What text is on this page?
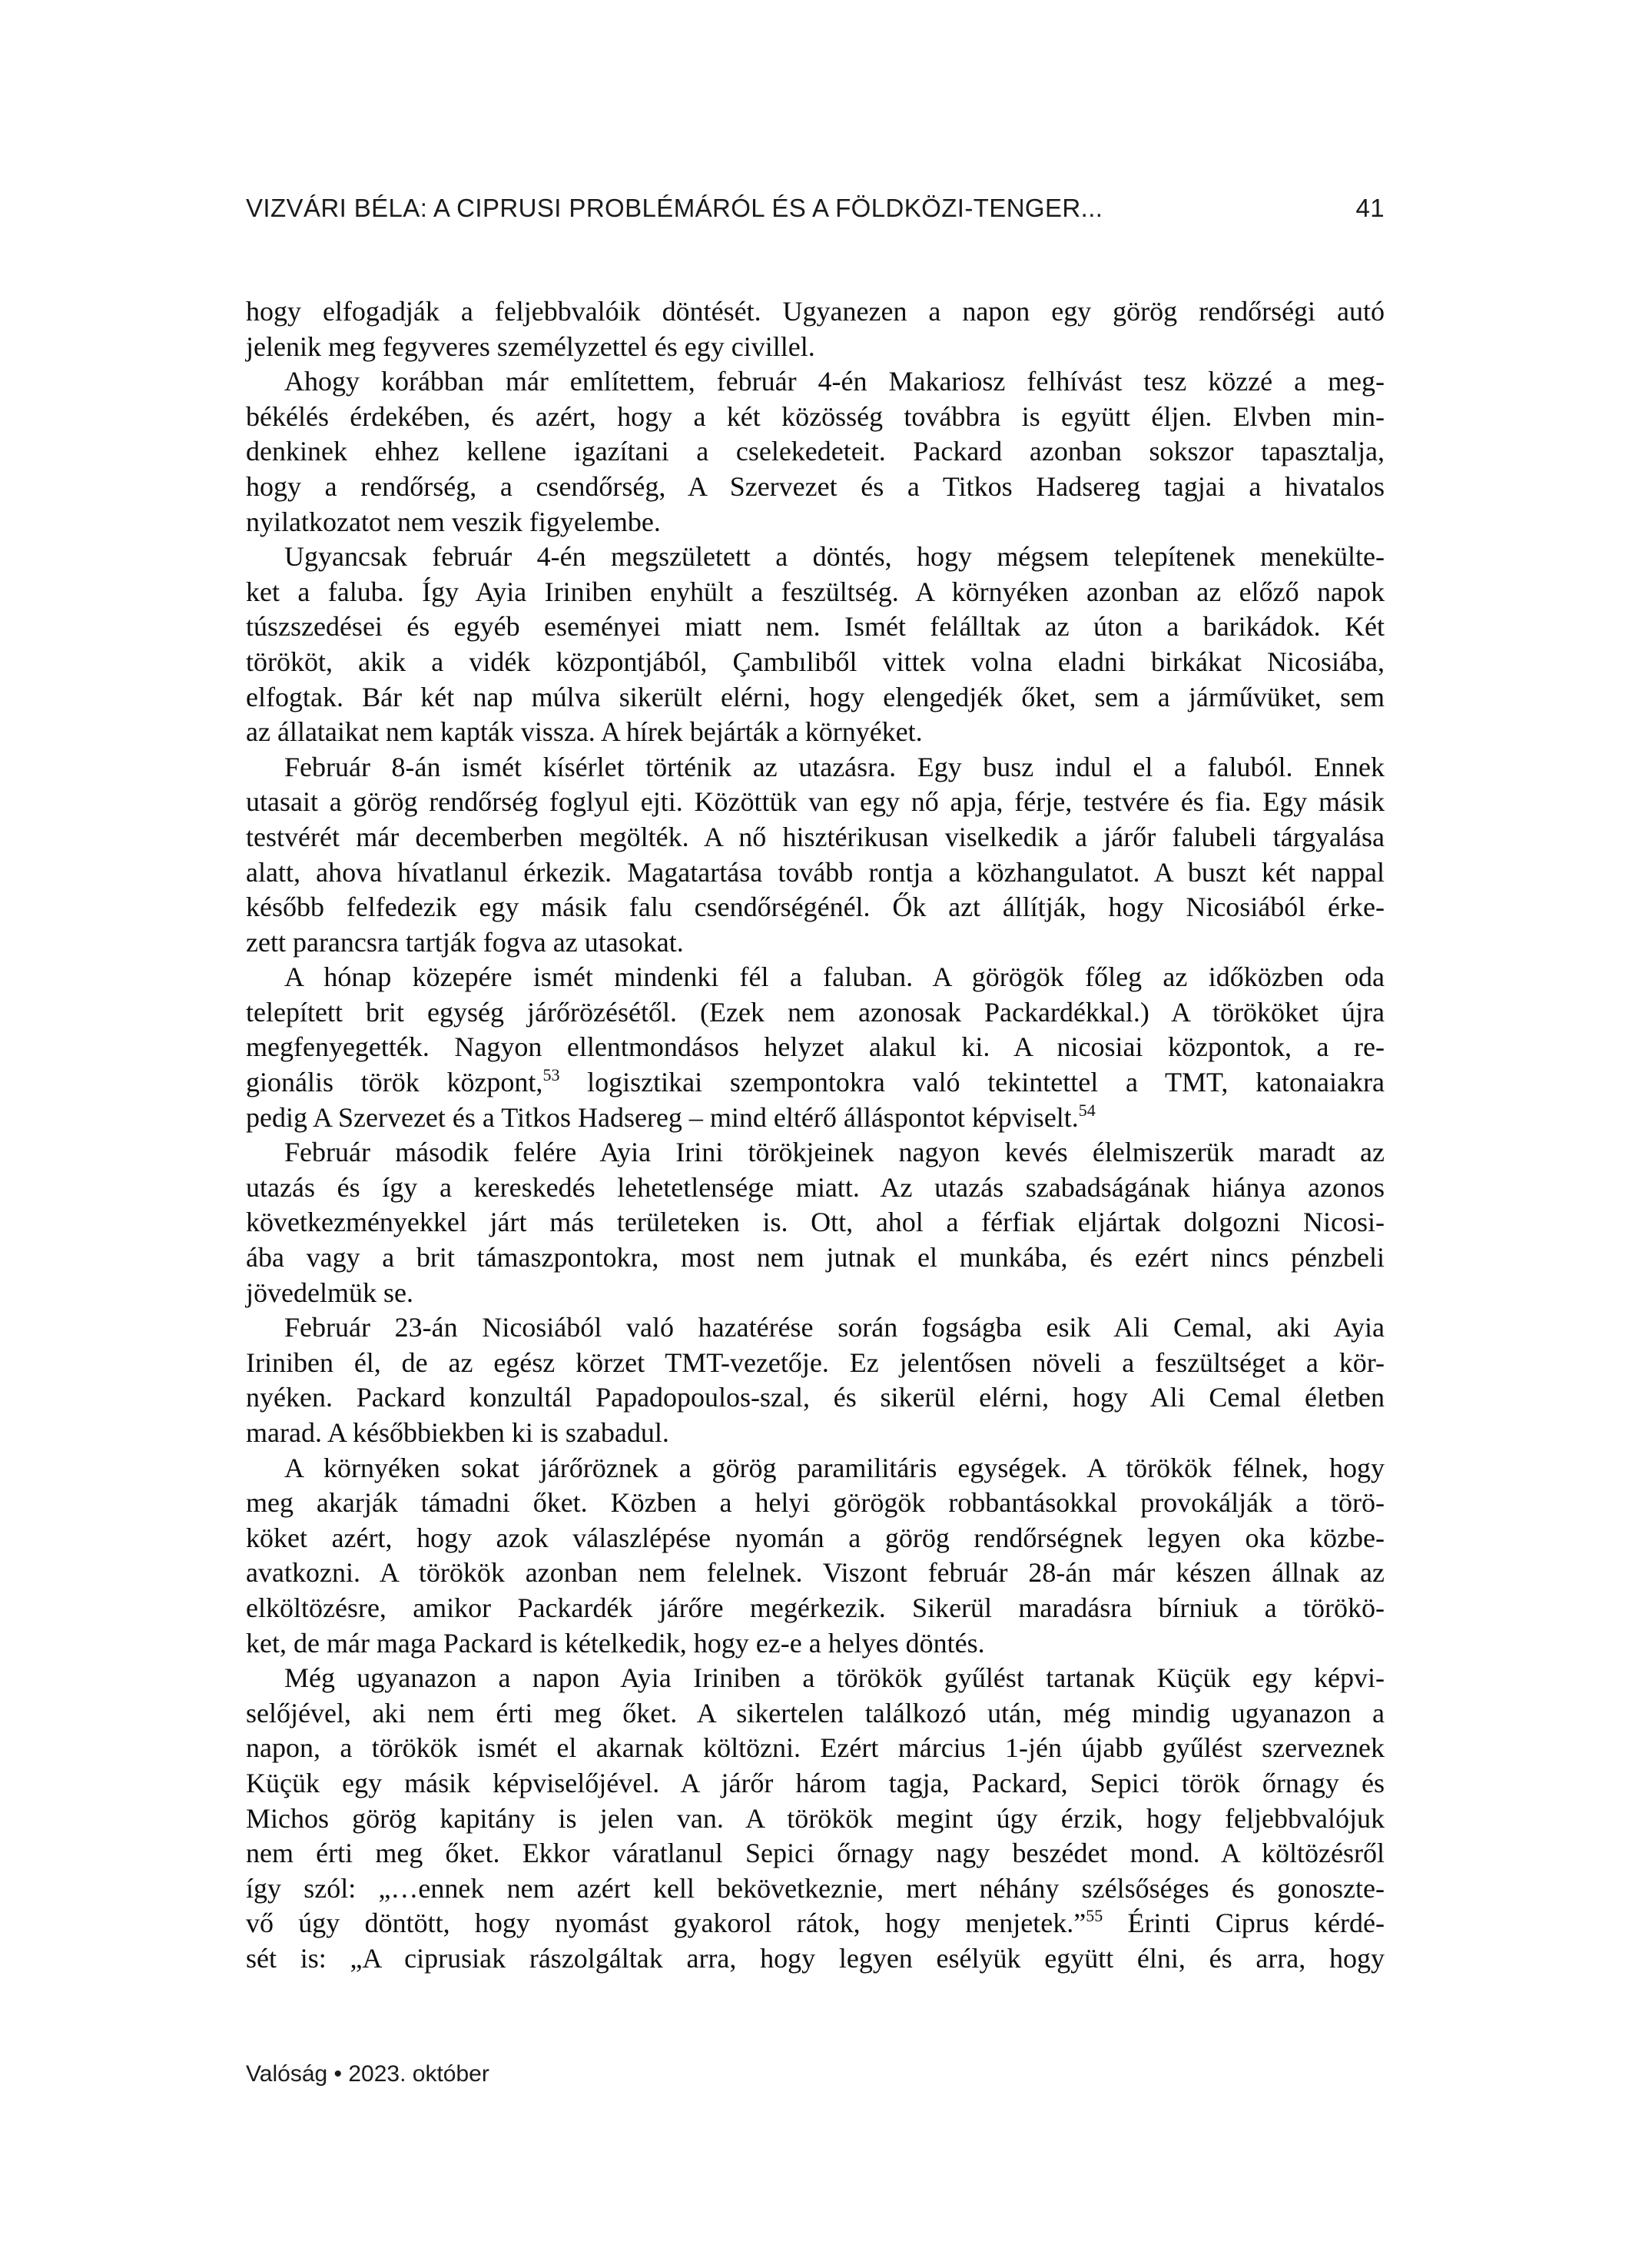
VIZVÁRI BÉLA: A CIPRUSI PROBLÉMÁRÓL ÉS A FÖLDKÖZI-TENGER...	41
hogy elfogadják a feljebbvalóik döntését. Ugyanezen a napon egy görög rendőrségi autó
jelenik meg fegyveres személyzettel és egy civillel.
Ahogy korábban már említettem, február 4-én Makariosz felhívást tesz közzé a meg-
békélés érdekében, és azért, hogy a két közösség továbbra is együtt éljen. Elvben min-
denkinek ehhez kellene igazítani a cselekedeteit. Packard azonban sokszor tapasztalja,
hogy a rendőrség, a csendőrség, A Szervezet és a Titkos Hadsereg tagjai a hivatalos
nyilatkozatot nem veszik figyelembe.
Ugyancsak február 4-én megszületett a döntés, hogy mégsem telepítenek menekülte-
ket a faluba. Így Ayia Iriniben enyhült a feszültség. A környéken azonban az előző napok
túszszedései és egyéb eseményei miatt nem. Ismét felálltak az úton a barikádok. Két
törököt, akik a vidék központjából, Çambıliből vittek volna eladni birkákat Nicosiába,
elfogtak. Bár két nap múlva sikerült elérni, hogy elengedjék őket, sem a járművüket, sem
az állataikat nem kapták vissza. A hírek bejárták a környéket.
Február 8-án ismét kísérlet történik az utazásra. Egy busz indul el a faluból. Ennek
utasait a görög rendőrség foglyul ejti. Közöttük van egy nő apja, férje, testvére és fia. Egy másik
testvérét már decemberben megölték. A nő hisztérikusan viselkedik a járőr falubeli tárgyalása
alatt, ahova hívatlanul érkezik. Magatartása tovább rontja a közhangulatot. A buszt két nappal
később felfedezik egy másik falu csendőrségénél. Ők azt állítják, hogy Nicosiából érke-
zett parancsra tartják fogva az utasokat.
A hónap közepére ismét mindenki fél a faluban. A görögök főleg az időközben oda
telepített brit egység járőrözésétől. (Ezek nem azonosak Packardékkal.) A törököket újra
megfenyegették. Nagyon ellentmondásos helyzet alakul ki. A nicosiai központok, a re-
gionális török központ,$^{53}$ logisztikai szempontokra való tekintettel a TMT, katonaiakra
pedig A Szervezet és a Titkos Hadsereg – mind eltérő álláspontot képviselt.$^{54}$
Február második felére Ayia Irini törökjeinek nagyon kevés élelmiszerük maradt az
utazás és így a kereskedés lehetetlensége miatt. Az utazás szabadságának hiánya azonos
következményekkel járt más területeken is. Ott, ahol a férfiak eljártak dolgozni Nicosi-
ába vagy a brit támaszpontokra, most nem jutnak el munkába, és ezért nincs pénzbeli
jövedelmük se.
Február 23-án Nicosiából való hazatérése során fogságba esik Ali Cemal, aki Ayia
Iriniben él, de az egész körzet TMT-vezetője. Ez jelentősen növeli a feszültséget a kör-
nyéken. Packard konzultál Papadopoulos-szal, és sikerül elérni, hogy Ali Cemal életben
marad. A későbbiekben ki is szabadul.
A környéken sokat járőröznek a görög paramilitáris egységek. A törökök félnek, hogy
meg akarják támadni őket. Közben a helyi görögök robbantásokkal provokálják a törö-
köket azért, hogy azok válaszlépése nyomán a görög rendőrségnek legyen oka közbe-
avatkozni. A törökök azonban nem felelnek. Viszont február 28-án már készen állnak az
elköltözésre, amikor Packardék járőre megérkezik. Sikerül maradásra bírniuk a törökö-
ket, de már maga Packard is kételkedik, hogy ez-e a helyes döntés.
Még ugyanazon a napon Ayia Iriniben a törökök gyűlést tartanak Küçük egy képvi-
selőjével, aki nem érti meg őket. A sikertelen találkozó után, még mindig ugyanazon a
napon, a törökök ismét el akarnak költözni. Ezért március 1-jén újabb gyűlést szerveznek
Küçük egy másik képviselőjével. A járőr három tagja, Packard, Sepici török őrnagy és
Michos görög kapitány is jelen van. A törökök megint úgy érzik, hogy feljebbvalójuk
nem érti meg őket. Ekkor váratlanul Sepici őrnagy nagy beszédet mond. A költözésről
így szól: „…ennek nem azért kell bekövetkeznie, mert néhány szélsőséges és gonoszte-
vő úgy döntött, hogy nyomást gyakorol rátok, hogy menjetek.”$^{55}$ Érinti Ciprus kérdé-
sét is: „A ciprusiak rászolgáltak arra, hogy legyen esélyük együtt élni, és arra, hogy
Valóság • 2023. október
